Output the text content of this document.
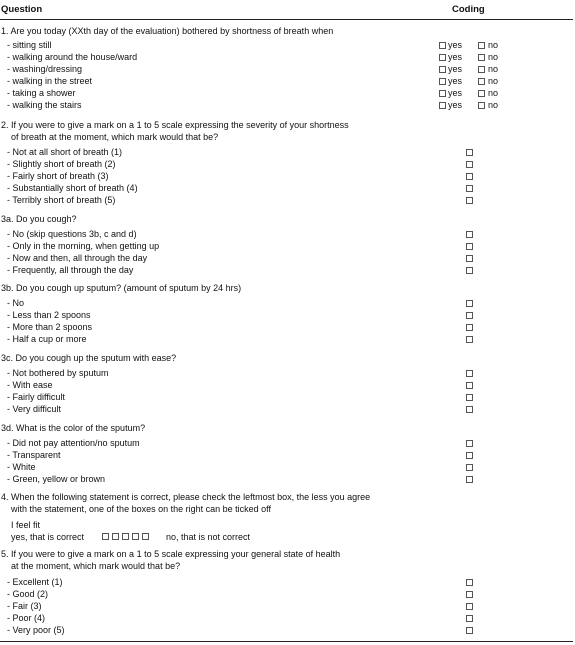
Question	Coding
1. Are you today (XXth day of the evaluation) bothered by shortness of breath when
- sitting still	yes	no
- walking around the house/ward	yes	no
- washing/dressing	yes	no
- walking in the street	yes	no
- taking a shower	yes	no
- walking the stairs	yes	no
2. If you were to give a mark on a 1 to 5 scale expressing the severity of your shortness
of breath at the moment, which mark would that be?
- Not at all short of breath (1)
- Slightly short of breath (2)
- Fairly short of breath (3)
- Substantially short of breath (4)
- Terribly short of breath (5)
3a. Do you cough?
- No (skip questions 3b, c and d)
- Only in the morning, when getting up
- Now and then, all through the day
- Frequently, all through the day
3b. Do you cough up sputum? (amount of sputum by 24 hrs)
- No
- Less than 2 spoons
- More than 2 spoons
- Half a cup or more
3c. Do you cough up the sputum with ease?
- Not bothered by sputum
- With ease
- Fairly difficult
- Very difficult
3d. What is the color of the sputum?
- Did not pay attention/no sputum
- Transparent
- White
- Green, yellow or brown
4. When the following statement is correct, please check the leftmost box, the less you agree
with the statement, one of the boxes on the right can be ticked off
I feel fit
yes, that is correct	no, that is not correct
5. If you were to give a mark on a 1 to 5 scale expressing your general state of health
at the moment, which mark would that be?
- Excellent (1)
- Good (2)
- Fair (3)
- Poor (4)
- Very poor (5)
